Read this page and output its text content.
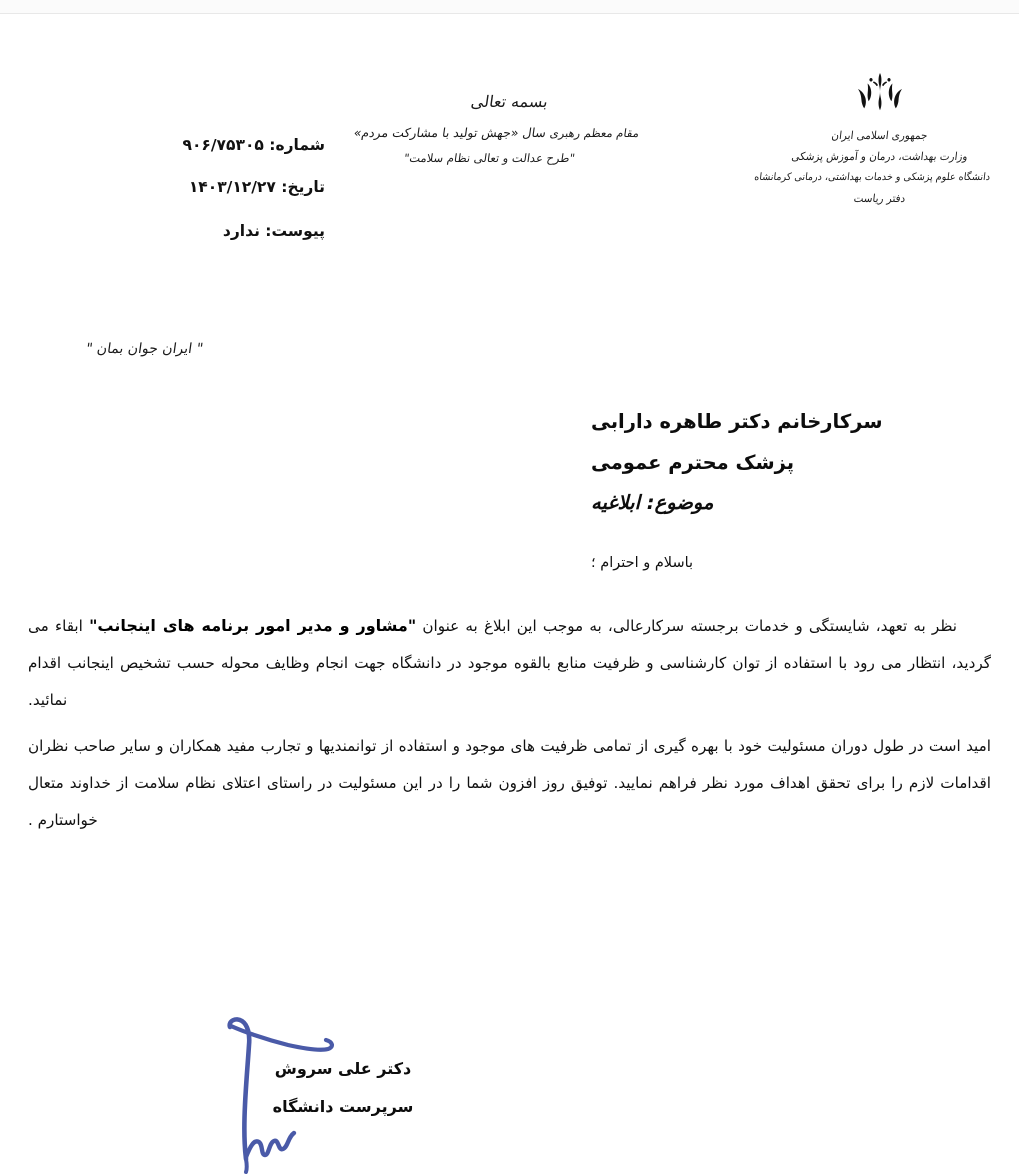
جمهوری اسلامی ایران
وزارت بهداشت، درمان و آموزش پزشکی
دانشگاه علوم پزشکی و خدمات بهداشتی، درمانی کرمانشاه
دفتر ریاست
بسمه تعالی
مقام معظم رهبری سال «جهش تولید با مشارکت مردم»
"طرح عدالت و تعالی نظام سلامت"
شماره: ۹۰۶/۷۵۳۰۵
تاریخ: ۱۴۰۳/۱۲/۲۷
پیوست: ندارد
" ایران جوان بمان "
سرکارخانم دکتر طاهره دارابی
پزشک محترم عمومی
موضوع: ابلاغیه
باسلام و احترام ؛

نظر به تعهد، شایستگی و خدمات برجسته سرکارعالی، به موجب این ابلاغ به عنوان "مشاور و مدیر امور برنامه های اینجانب" ابقاء می گردید، انتظار می رود با استفاده از توان کارشناسی و ظرفیت منابع بالقوه موجود در دانشگاه جهت انجام وظایف محوله حسب تشخیص اینجانب اقدام نمائید.

امید است در طول دوران مسئولیت خود با بهره گیری از تمامی ظرفیت های موجود و استفاده از توانمندیها و تجارب مفید همکاران و سایر صاحب نظران اقدامات لازم را برای تحقق اهداف مورد نظر فراهم نمایید. توفیق روز افزون شما را در این مسئولیت در راستای اعتلای نظام سلامت از خداوند متعال خواستارم .

دکتر علی سروش
سرپرست دانشگاه
